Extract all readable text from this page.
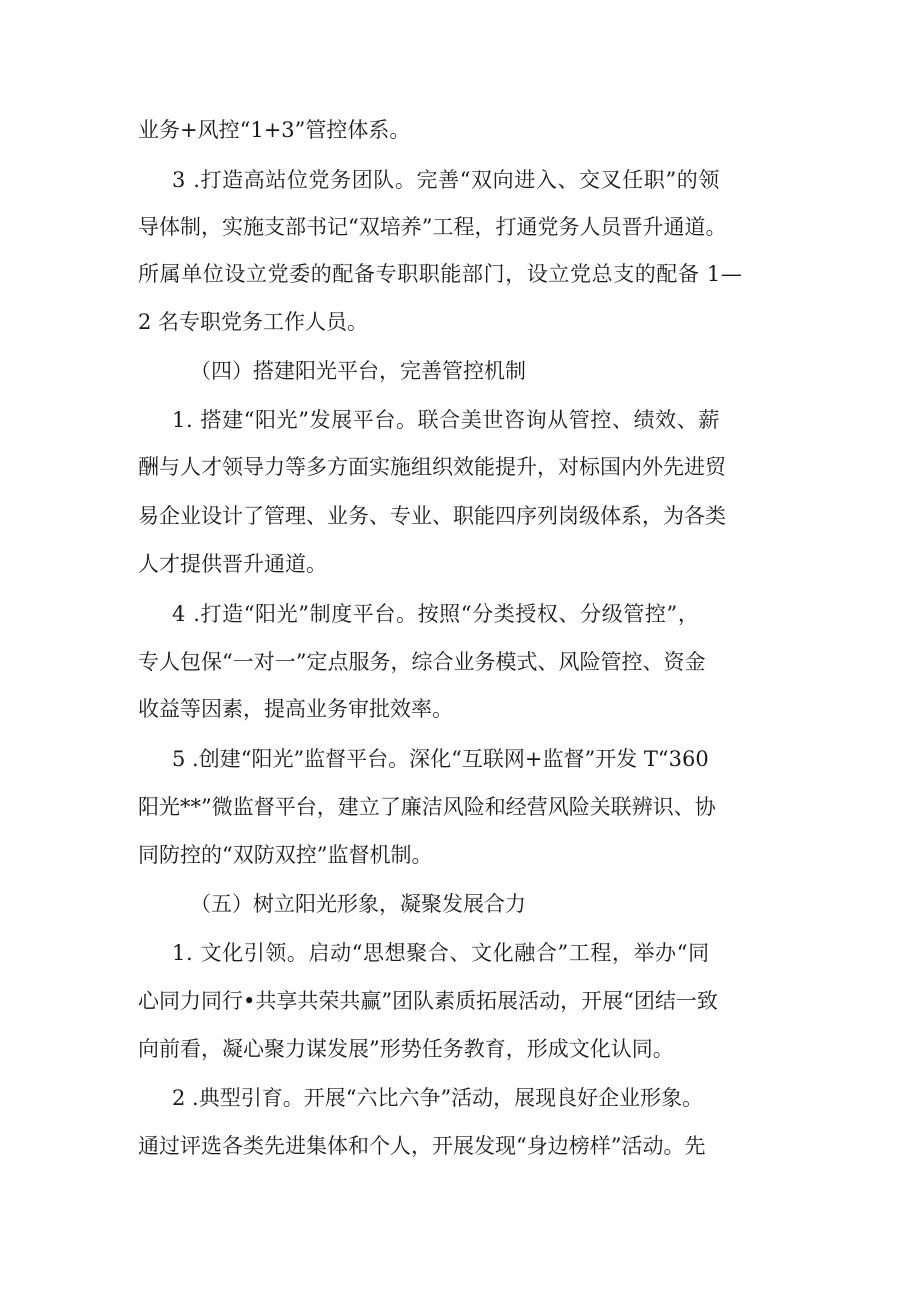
业务+风控“1+3”管控体系。
3 .打造高站位党务团队。完善“双向进入、交叉任职”的领
导体制，实施支部书记“双培养”工程，打通党务人员晋升通道。
所属单位设立党委的配备专职职能部门，设立党总支的配备 1—
2 名专职党务工作人员。
（四）搭建阳光平台，完善管控机制
1. 搭建“阳光”发展平台。联合美世咨询从管控、绩效、薪
酬与人才领导力等多方面实施组织效能提升，对标国内外先进贸
易企业设计了管理、业务、专业、职能四序列岗级体系，为各类
人才提供晋升通道。
4 .打造“阳光”制度平台。按照“分类授权、分级管控”，
专人包保“一对一”定点服务，综合业务模式、风险管控、资金
收益等因素，提高业务审批效率。
5 .创建“阳光”监督平台。深化“互联网+监督”开发 T“360
阳光**”微监督平台，建立了廉洁风险和经营风险关联辨识、协
同防控的“双防双控”监督机制。
（五）树立阳光形象，凝聚发展合力
1. 文化引领。启动“思想聚合、文化融合”工程，举办“同
心同力同行•共享共荣共赢”团队素质拓展活动，开展“团结一致
向前看，凝心聚力谋发展”形势任务教育，形成文化认同。
2 .典型引育。开展“六比六争”活动，展现良好企业形象。
通过评选各类先进集体和个人，开展发现“身边榜样”活动。先
